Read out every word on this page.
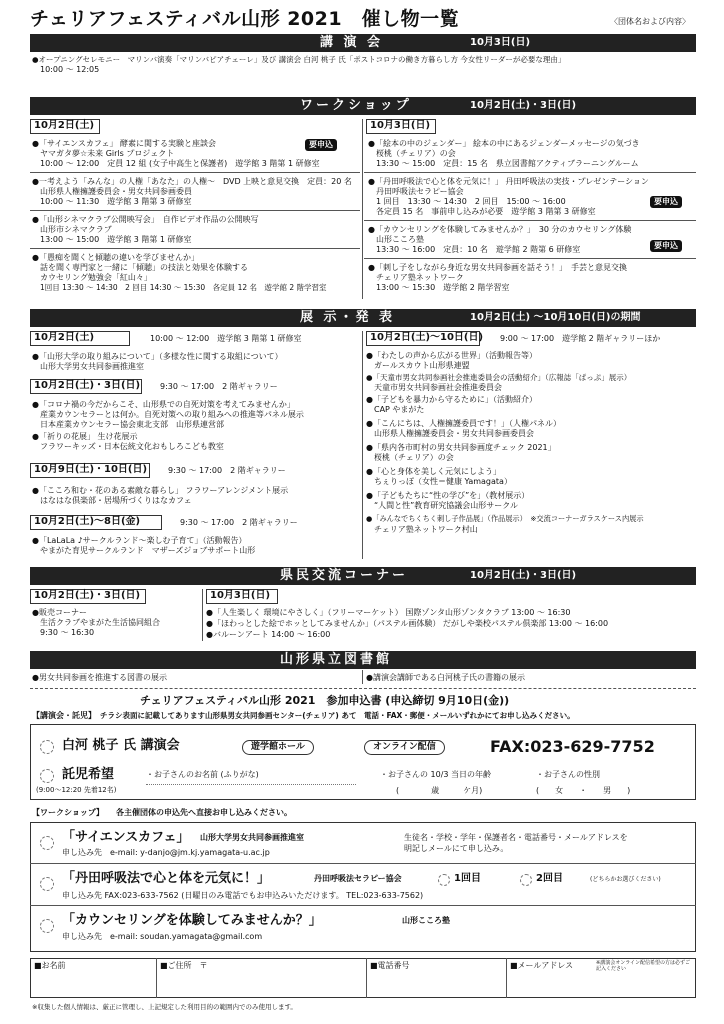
チェリアフェスティバル山形 2021　催し物一覧	〈団体名および内容〉
講 演 会	10月3日(日)
●オープニングセレモニー　マリンバ演奏「マリンバピアチェーレ」及び 講演会 白河 桃子 氏「ポストコロナの働き方暮らし方 今女性リーダーが必要な理由」
10:00 ～ 12:05
ワークショップ	10月2日(土)・3日(日)
10月2日(土)
要申込
●「サイエンスカフェ」 酵素に関する実験と座談会
ヤマガタ夢☆未来 Girls プロジェクト
10:00 ～ 12:00　定員 12 組 (女子中高生と保護者)　遊学館 3 階第 1 研修室
●一考えよう「みんな」の人権「あなた」の人権～　DVD 上映と意見交換　定員：20 名
山形県人権擁護委員会・男女共同参画委員
10:00 ～ 11:30　遊学館 3 階第 3 研修室
●「山形シネマクラブ公開映写会」　自作ビデオ作品の公開映写
山形市シネマクラブ
13:00 ～ 15:00　遊学館 3 階第 1 研修室
●「愚痴を聞くと傾聴の違いを学びませんか」
話を聞く専門家と一緒に「傾聴」の技法と効果を体験する
カウセリング勉強会「紅山々」
1回目 13:30 ～ 14:30　2 回目 14:30 ～ 15:30　各定員 12 名　遊学館 2 階学習室
10月3日(日)
●「絵本の中のジェンダー」 絵本の中にあるジェンダーメッセージの気づき
桜桃（チェリア）の会
13:30 ～ 15:00　定員：15 名　県立図書館アクティブラーニングルーム
●「丹田呼吸法で心と体を元気に！」 丹田呼吸法の実技・プレゼンテーション
丹田呼吸法セラピー協会
1 回目　13:30 ～ 14:30　2 回目　15:00 ～ 16:00
各定員 15 名　事前申し込みが必要　遊学館 3 階第 3 研修室
要申込
●「カウンセリングを体験してみませんか？」　30 分のカウセリング体験
山形こころ塾
13:30 ～ 16:00　定員：10 名　遊学館 2 階第 6 研修室	要申込
●「刺し子をしながら身近な男女共同参画を話そう！」　手芸と意見交換
チェリア塾ネットワーク
13:00 ～ 15:30　遊学館 2 階学習室
展 示・発 表	10月2日(土) ～10月10日(日)の期間
10月2日(土)	10:00 ～ 12:00　遊学館 3 階第 1 研修室
●「山形大学の取り組みについて」（多様な性に関する取組について）
山形大学男女共同参画推進室
10月2日(土)・3日(日) 9:30 ～ 17:00　2 階ギャラリー
●「コロナ禍の今だからこそ、山形県での自死対策を考えてみませんか」
産業カウンセラーとは何か。自死対策への取り組みへの推進等パネル展示
日本産業カウンセラー協会東北支部　山形県連営部
●「祈りの花展」 生け花展示
フラワーキッズ・日本伝統文化おもしろこども教室
10月9日(土)・10日(日)	9:30 ～ 17:00　2 階ギャラリー
●「こころ和む・花のある素敵な暮らし」 フラワーアレンジメント展示
はなはな倶楽部・居場所づくりはなカフェ
10月2日(土)～8日(金)	9:30 ～ 17:00　2 階ギャラリー
●「LaLaLa ♪サークルランド～楽しむ子育て」（活動報告）
やまがた育児サークルランド　マザーズジョブサポート山形
10月2日(土)～10日(日) 9:00 ～ 17:00　遊学館 2 階ギャラリーほか
●「わたしの声から広がる世界」（活動報告等）
ガールスカウト山形県連盟
●「天童市男女共同参画社会推進委員会の活動紹介」（広報誌「ぱっぷ」展示）
天童市男女共同参画社会推進委員会
●「子どもを暴力から守るために」（活動紹介）
CAP やまがた
●「こんにちは、人権擁護委員です！」（人権パネル）
山形県人権擁護委員会・男女共同参画委員会
●「県内各市町村の男女共同参画度チェック 2021」
桜桃（チェリア）の会
●「心と身体を美しく元気にしよう」
ちぇりっぽ（女性＝健康 Yamagata）
●「子どもたちに“性の学び”を」（教材展示）
“人間と性”教育研究協議会山形サークル
●「みんなでちくちく刺し子作品展」（作品展示）　※交流コーナーガラスケース内展示
チェリア塾ネットワーク村山
県民交流コーナー	10月2日(土)・3日(日)
10月2日(土)・3日(日)
●販売コーナー
生活クラブやまがた生活協同組合
9:30 ～ 16:30
10月3日(日)
●「人生楽しく 環境にやさしく」（フリーマーケット） 国際ゾンタ山形ゾンタクラブ 13:00 ～ 16:30
●「ほわっとした絵でホッとしてみませんか」（パステル画体験） だがしや楽校パステル倶楽部 13:00 ～ 16:00
●バルーンアート 14:00 ～ 16:00
山形県立図書館
●男女共同参画を推進する図書の展示	●講演会講師である白河桃子氏の書籍の展示
チェリアフェスティバル山形 2021　参加申込書 (申込締切 9月10日(金))
【講演会・託児】 チラシ表面に記載してあります山形県男女共同参画センター(チェリア) あて　電話・FAX・郵便・メールいずれかにてお申し込みください。
白河 桃子 氏 講演会	遊学館ホール	オンライン配信	FAX:023-629-7752
託児希望	・お子さんのお名前 (ふりがな)	・お子さんの 10/3 当日の年齢	・お子さんの性別
(9:00～12:20 先着12名)	(　　　　歳　　　ケ月)	(　　女　　・　　男　　)
【ワークショップ】 各主催団体の申込先へ直接お申し込みください。
「サイエンスカフェ」 山形大学男女共同参画推進室
申し込み先　e-mail: y-danjo@jm.kj.yamagata-u.ac.jp
生徒名・学校・学年・保護者名・電話番号・メールアドレスを
明記しメールにて申し込み。
「丹田呼吸法で心と体を元気に！」	丹田呼吸法セラピー協会	1回目	2回目	(どちらかお選びください)
申し込み先 FAX:023-633-7562 (日曜日のみ電話でもお申込みいただけます。 TEL:023-633-7562)
「カウンセリングを体験してみませんか？」	山形こころ塾
申し込み先　e-mail: soudan.yamagata@gmail.com
■お名前	■ご住所　〒	■電話番号	■メールアドレス	※講演会オンライン配信希望の方は必ずご記入ください
※収集した個人情報は、厳正に管理し、上記規定した利用目的の範囲内でのみ使用します。
